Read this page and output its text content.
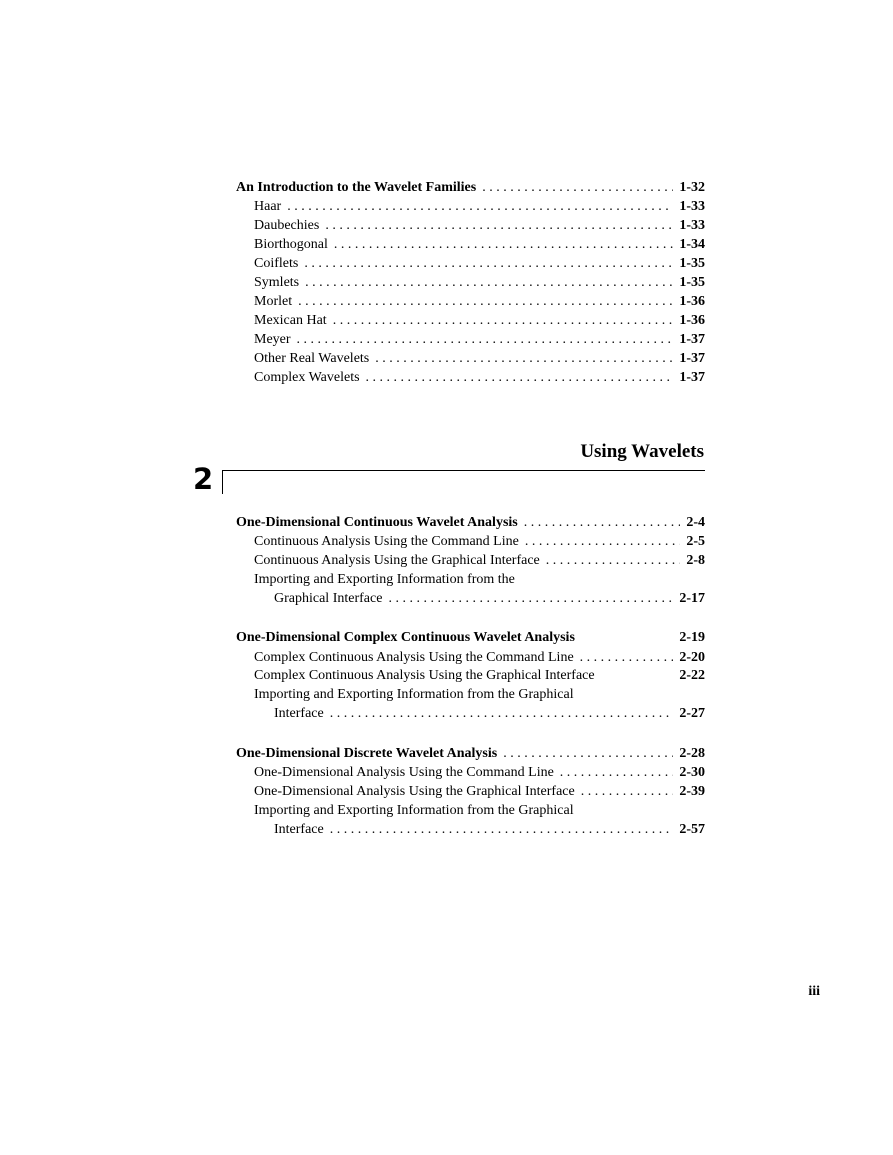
An Introduction to the Wavelet Families . . .	1-32
Haar . . .	1-33
Daubechies . . .	1-33
Biorthogonal . . .	1-34
Coiflets . . .	1-35
Symlets . . .	1-35
Morlet . . .	1-36
Mexican Hat . . .	1-36
Meyer . . .	1-37
Other Real Wavelets . . .	1-37
Complex Wavelets . . .	1-37
Using Wavelets
2
One-Dimensional Continuous Wavelet Analysis . . .	2-4
Continuous Analysis Using the Command Line . . .	2-5
Continuous Analysis Using the Graphical Interface . . .	2-8
Importing and Exporting Information from the
Graphical Interface . . .	2-17
One-Dimensional Complex Continuous Wavelet Analysis	2-19
Complex Continuous Analysis Using the Command Line . . .	2-20
Complex Continuous Analysis Using the Graphical Interface	2-22
Importing and Exporting Information from the Graphical
Interface . . .	2-27
One-Dimensional Discrete Wavelet Analysis . . .	2-28
One-Dimensional Analysis Using the Command Line . . .	2-30
One-Dimensional Analysis Using the Graphical Interface . . .	2-39
Importing and Exporting Information from the Graphical
Interface . . .	2-57
iii
